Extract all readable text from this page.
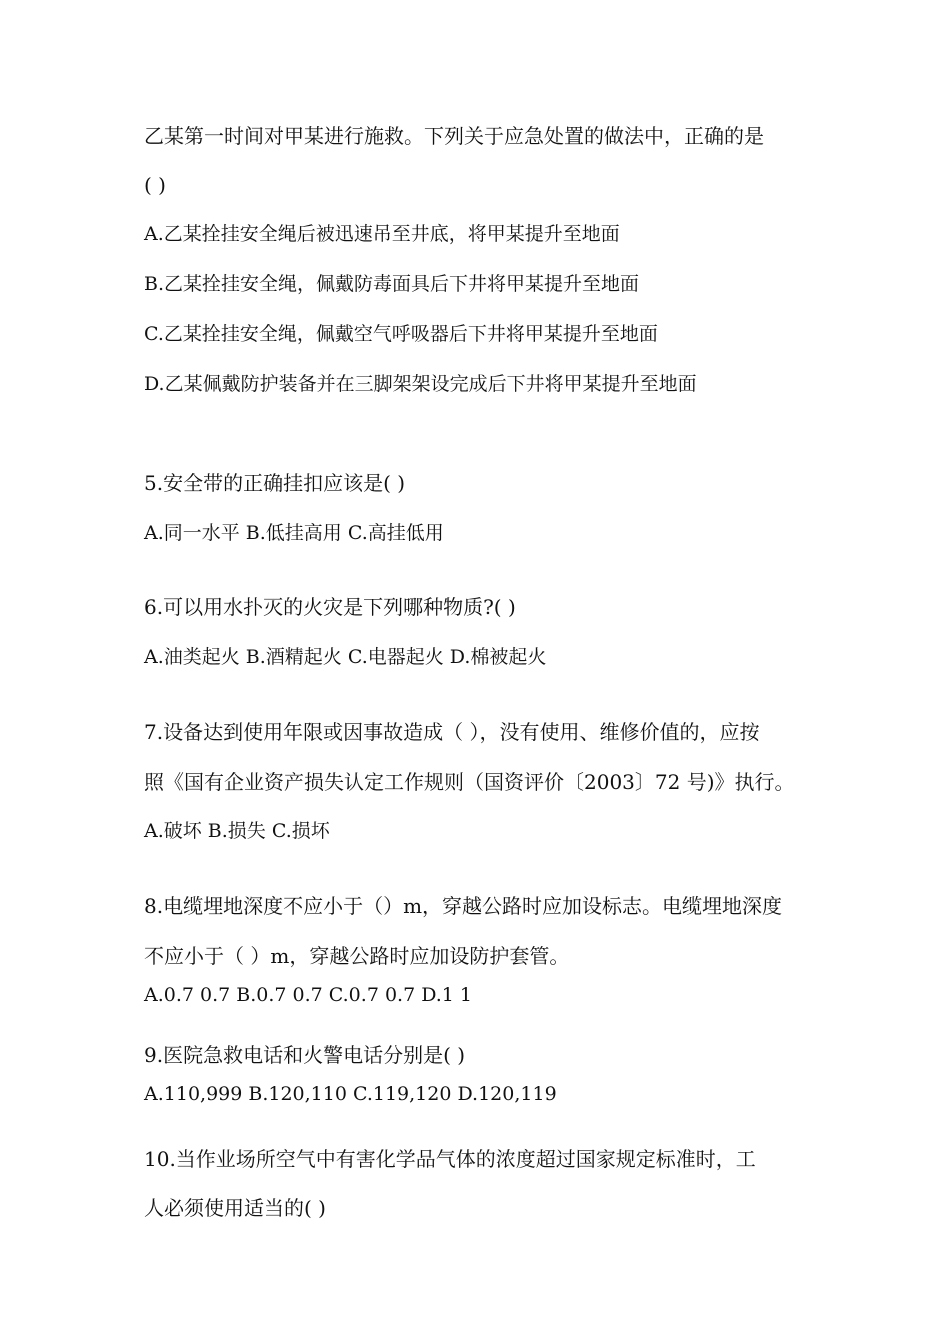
乙某第一时间对甲某进行施救。下列关于应急处置的做法中，正确的是
( )
A.乙某拴挂安全绳后被迅速吊至井底，将甲某提升至地面
B.乙某拴挂安全绳，佩戴防毒面具后下井将甲某提升至地面
C.乙某拴挂安全绳，佩戴空气呼吸器后下井将甲某提升至地面
D.乙某佩戴防护装备并在三脚架架设完成后下井将甲某提升至地面
5.安全带的正确挂扣应该是( )
A.同一水平 B.低挂高用 C.高挂低用
6.可以用水扑灭的火灾是下列哪种物质?( )
A.油类起火 B.酒精起火 C.电器起火 D.棉被起火
7.设备达到使用年限或因事故造成（ ），没有使用、维修价值的，应按
照《国有企业资产损失认定工作规则（国资评价〔2003〕72 号)》执行。
A.破坏 B.损失 C.损坏
8.电缆埋地深度不应小于（）m，穿越公路时应加设标志。电缆埋地深度
不应小于（ ）m，穿越公路时应加设防护套管。
A.0.7 0.7 B.0.7 0.7 C.0.7 0.7 D.1 1
9.医院急救电话和火警电话分别是( )
A.110,999 B.120,110 C.119,120 D.120,119
10.当作业场所空气中有害化学品气体的浓度超过国家规定标准时，工
人必须使用适当的( )
